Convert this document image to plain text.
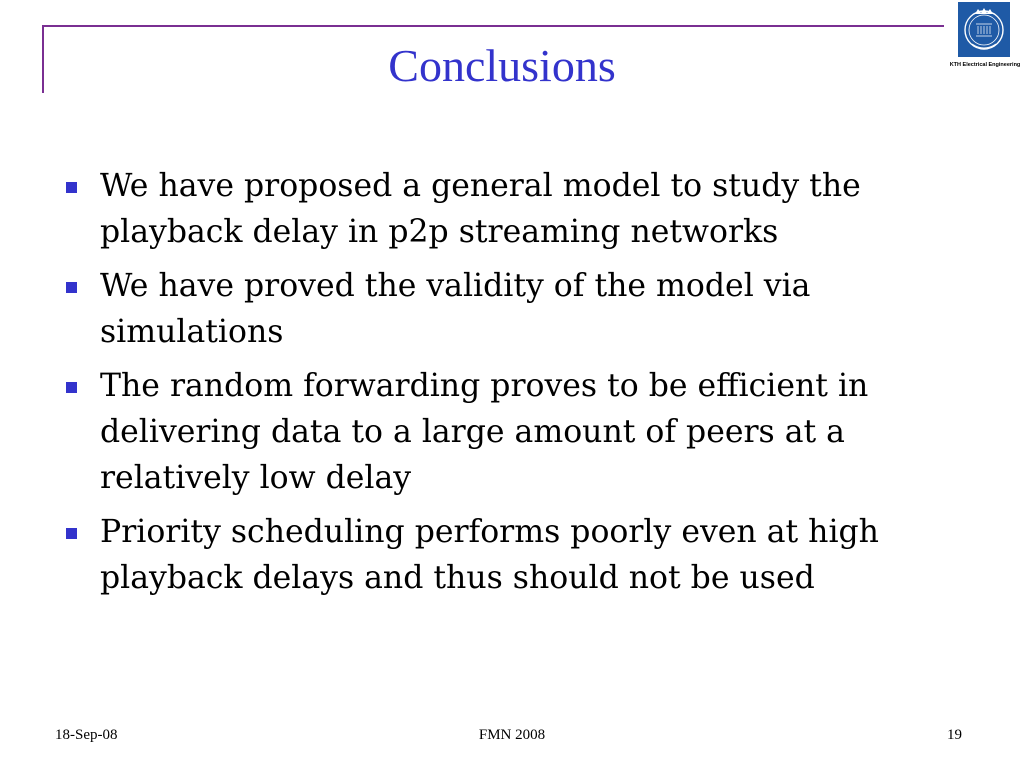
Conclusions	KTH Electrical Engineering
We have proposed a general model to study the playback delay in p2p streaming networks
We have proved the validity of the model via simulations
The random forwarding proves to be efficient in delivering data to a large amount of peers at a relatively low delay
Priority scheduling performs poorly even at high playback delays and thus should not be used
18-Sep-08	FMN 2008	19
